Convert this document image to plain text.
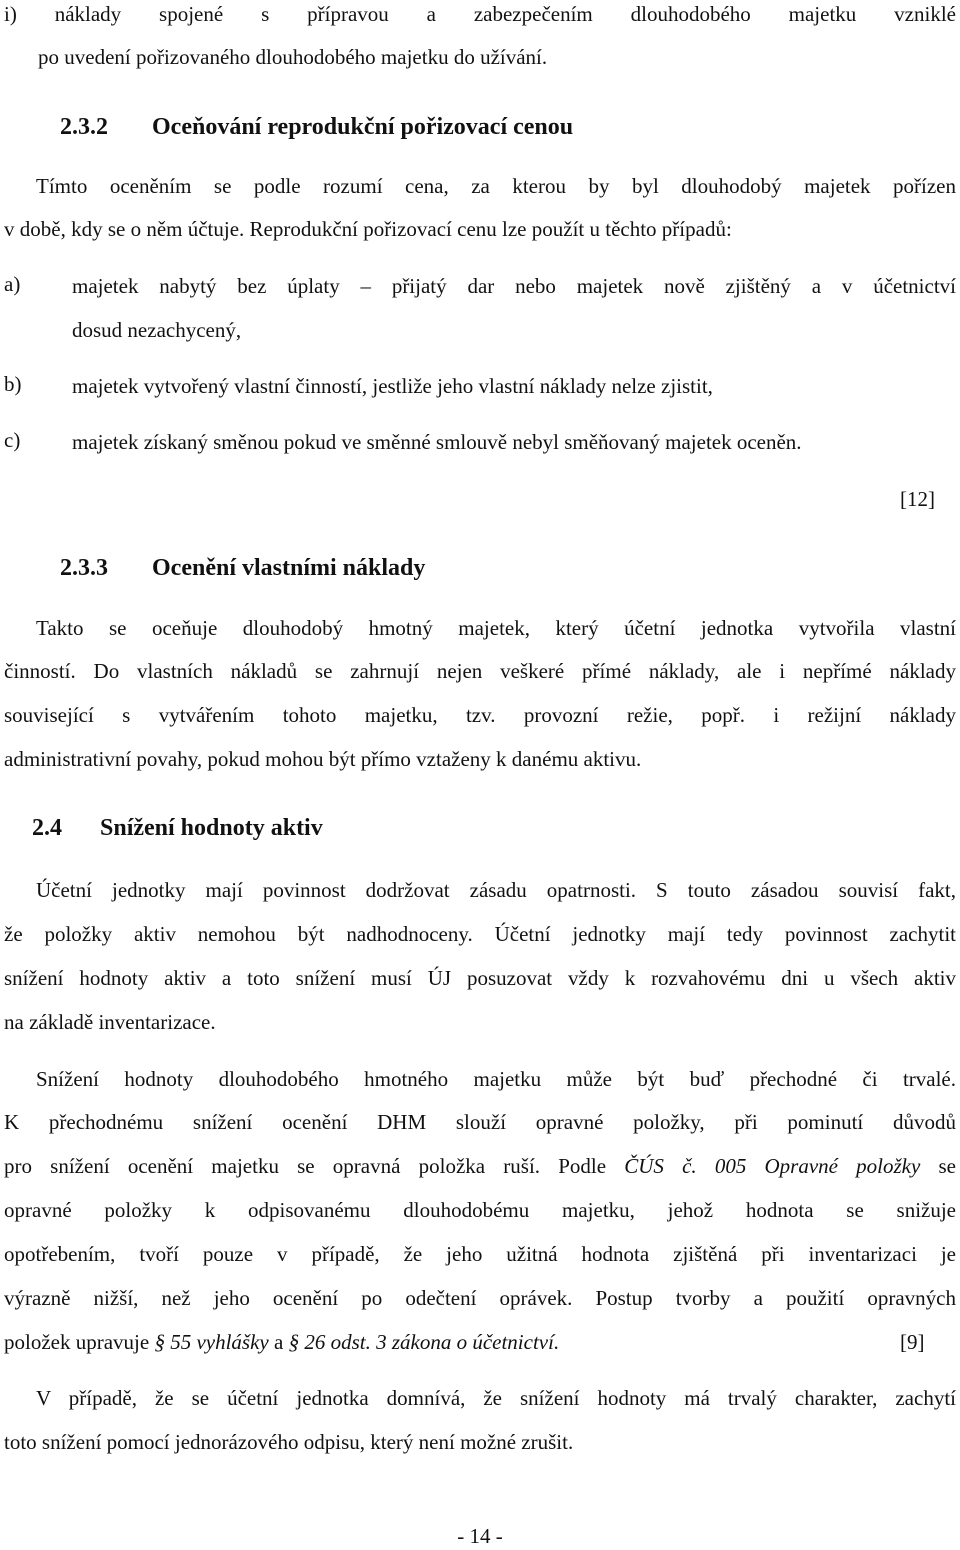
i) náklady spojené s přípravou a zabezpečením dlouhodobého majetku vzniklé
po uvedení pořizovaného dlouhodobého majetku do užívání.
2.3.2 Oceňování reprodukční pořizovací cenou
Tímto oceněním se podle rozumí cena, za kterou by byl dlouhodobý majetek pořízen
v době, kdy se o něm účtuje. Reprodukční pořizovací cenu lze použít u těchto případů:
a) majetek nabytý bez úplaty – přijatý dar nebo majetek nově zjištěný a v účetnictví
dosud nezachycený,
b) majetek vytvořený vlastní činností, jestliže jeho vlastní náklady nelze zjistit,
c) majetek získaný směnou pokud ve směnné smlouvě nebyl směňovaný majetek oceněn.
[12]
2.3.3 Ocenění vlastními náklady
Takto se oceňuje dlouhodobý hmotný majetek, který účetní jednotka vytvořila vlastní
činností. Do vlastních nákladů se zahrnují nejen veškeré přímé náklady, ale i nepřímé náklady
související s vytvářením tohoto majetku, tzv. provozní režie, popř. i režijní náklady
administrativní povahy, pokud mohou být přímo vztaženy k danému aktivu.
2.4 Snížení hodnoty aktiv
Účetní jednotky mají povinnost dodržovat zásadu opatrnosti. S touto zásadou souvisí fakt,
že položky aktiv nemohou být nadhodnoceny. Účetní jednotky mají tedy povinnost zachytit
snížení hodnoty aktiv a toto snížení musí ÚJ posuzovat vždy k rozvahovému dni u všech aktiv
na základě inventarizace.
Snížení hodnoty dlouhodobého hmotného majetku může být buď přechodné či trvalé.
K přechodnému snížení ocenění DHM slouží opravné položky, při pominutí důvodů
pro snížení ocenění majetku se opravná položka ruší. Podle ČÚS č. 005 Opravné položky se
opravné položky k odpisovanému dlouhodobému majetku, jehož hodnota se snižuje
opotřebením, tvoří pouze v případě, že jeho užitná hodnota zjištěná při inventarizaci je
výrazně nižší, než jeho ocenění po odečtení oprávek. Postup tvorby a použití opravných
položek upravuje § 55 vyhlášky a § 26 odst. 3 zákona o účetnictví.	[9]
V případě, že se účetní jednotka domnívá, že snížení hodnoty má trvalý charakter, zachytí
toto snížení pomocí jednorázového odpisu, který není možné zrušit.
- 14 -
